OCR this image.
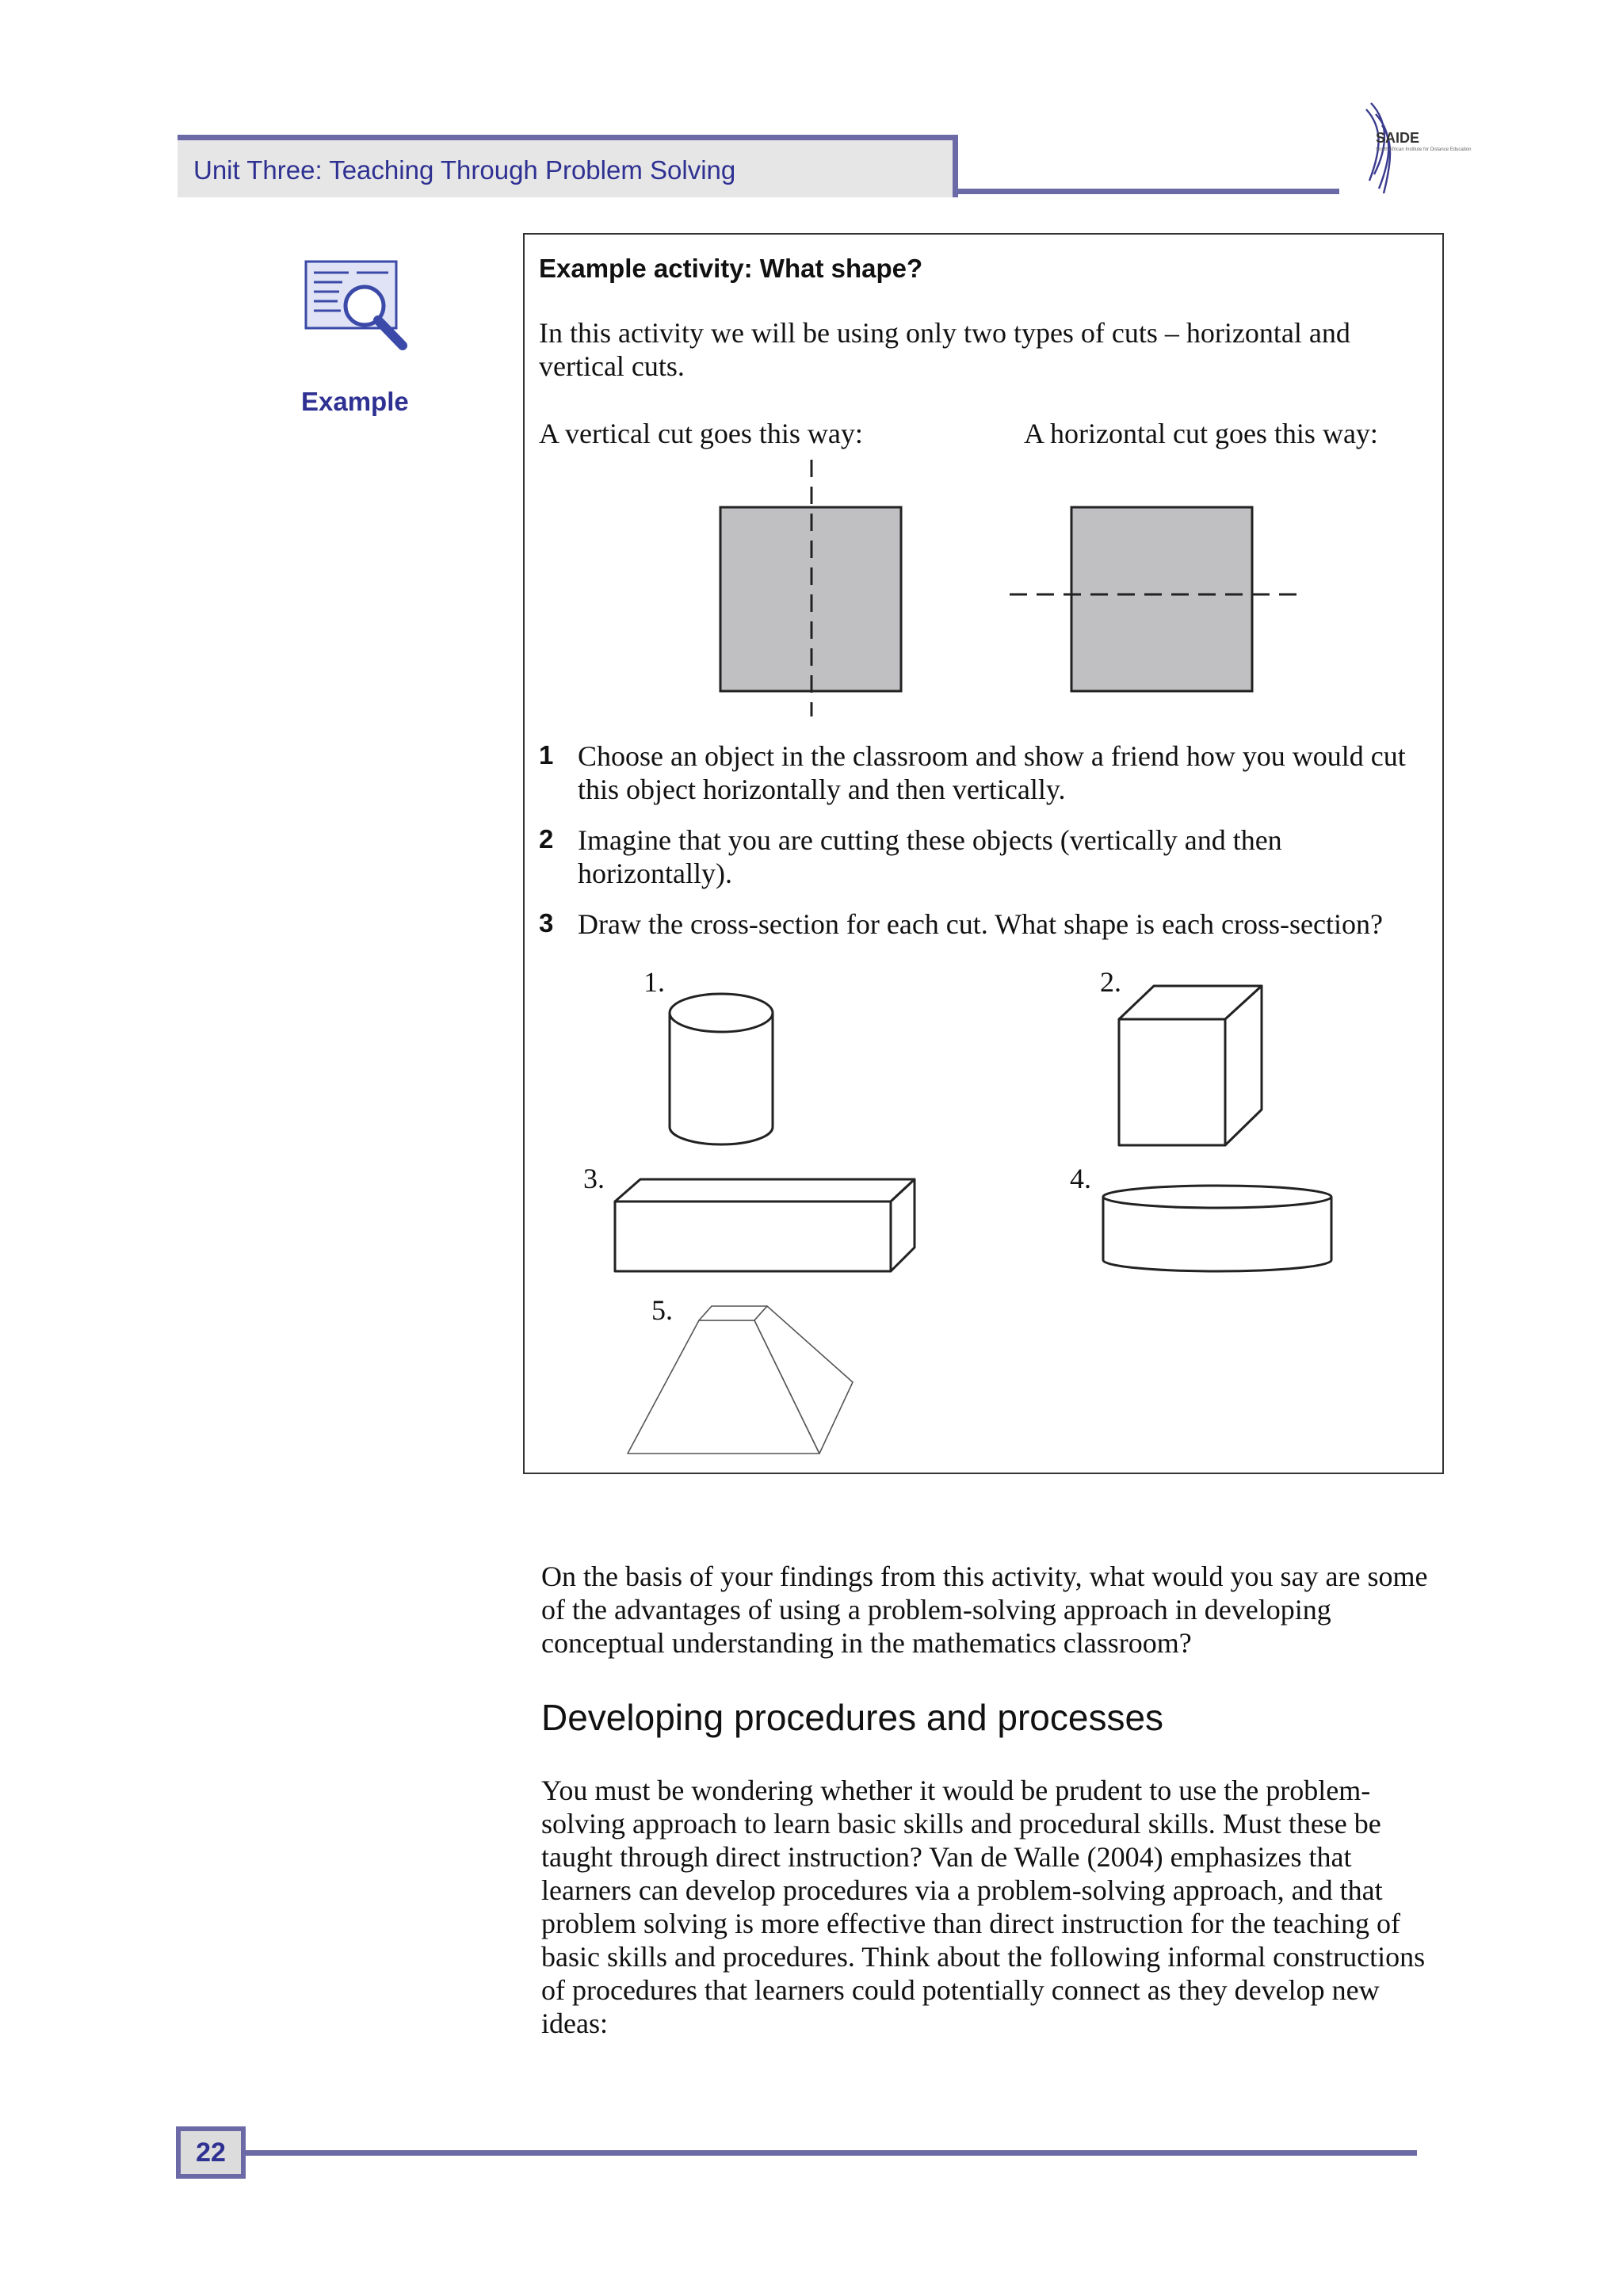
Unit Three: Teaching Through Problem Solving
SAIDE
South African Institute for Distance Education
Example
Example activity: What shape?
In this activity we will be using only two types of cuts – horizontal and vertical cuts.
A vertical cut goes this way:	A horizontal cut goes this way:
1 Choose an object in the classroom and show a friend how you would cut this object horizontally and then vertically.
2 Imagine that you are cutting these objects (vertically and then horizontally).
3 Draw the cross-section for each cut. What shape is each cross-section?
1.	2.
3.	4.
5.
On the basis of your findings from this activity, what would you say are some of the advantages of using a problem-solving approach in developing conceptual understanding in the mathematics classroom?
Developing procedures and processes
You must be wondering whether it would be prudent to use the problem-solving approach to learn basic skills and procedural skills. Must these be taught through direct instruction? Van de Walle (2004) emphasizes that learners can develop procedures via a problem-solving approach, and that problem solving is more effective than direct instruction for the teaching of basic skills and procedures. Think about the following informal constructions of procedures that learners could potentially connect as they develop new ideas:
22
